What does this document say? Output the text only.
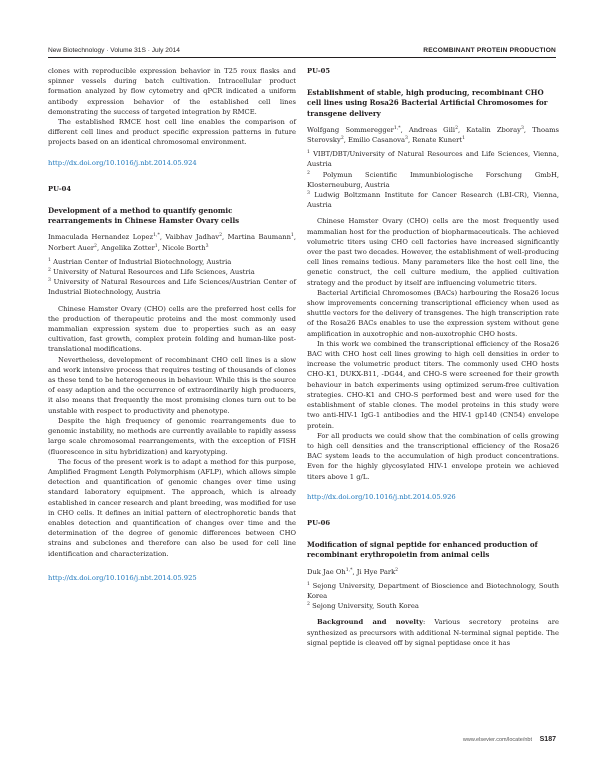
New Biotechnology · Volume 31S · July 2014	RECOMBINANT PROTEIN PRODUCTION

clones with reproducible expression behavior in T25 roux flasks and spinner vessels during batch cultivation. Intracellular product formation analyzed by flow cytometry and qPCR indicated a uniform antibody expression behavior of the established cell lines demonstrating the success of targeted integration by RMCE.

The established RMCE host cell line enables the comparison of different cell lines and product specific expression patterns in future projects based on an identical chromosomal environment.

http://dx.doi.org/10.1016/j.nbt.2014.05.924
PU-04
Development of a method to quantify genomic rearrangements in Chinese Hamster Ovary cells

Inmaculada Hernandez Lopez$^{1,*}$, Vaibhav Jadhav$^2$, Martina Baumann$^1$, Norbert Auer$^2$, Angelika Zotter$^1$, Nicole Borth$^3$

$^1$ Austrian Center of Industrial Biotechnology, Austria

$^2$ University of Natural Resources and Life Sciences, Austria

$^3$ University of Natural Resources and Life Sciences/Austrian Center of Industrial Biotechnology, Austria

Chinese Hamster Ovary (CHO) cells are the preferred host cells for the production of therapeutic proteins and the most commonly used mammalian expression system due to properties such as an easy cultivation, fast growth, complex protein folding and human-like post-translational modifications.

Nevertheless, development of recombinant CHO cell lines is a slow and work intensive process that requires testing of thousands of clones as these tend to be heterogeneous in behaviour. While this is the source of easy adaption and the occurrence of extraordinarily high producers, it also means that frequently the most promising clones turn out to be unstable with respect to productivity and phenotype.

Despite the high frequency of genomic rearrangements due to genomic instability, no methods are currently available to rapidly assess large scale chromosomal rearrangements, with the exception of FISH (fluorescence in situ hybridization) and karyotyping.

The focus of the present work is to adapt a method for this purpose, Amplified Fragment Length Polymorphism (AFLP), which allows simple detection and quantification of genomic changes over time using standard laboratory equipment. The approach, which is already established in cancer research and plant breeding, was modified for use in CHO cells. It defines an initial pattern of electrophoretic bands that enables detection and quantification of changes over time and the determination of the degree of genomic differences between CHO strains and subclones and therefore can also be used for cell line identification and characterization.

http://dx.doi.org/10.1016/j.nbt.2014.05.925
PU-05
Establishment of stable, high producing, recombinant CHO cell lines using Rosa26 Bacterial Artificial Chromosomes for transgene delivery

Wolfgang Sommeregger$^{1,*}$, Andreas Gili$^2$, Katalin Zboray$^3$, Thoams Sterovsky$^2$, Emilio Casanova$^3$, Renate Kunert$^1$

$^1$ VIBT/DBT/University of Natural Resources and Life Sciences, Vienna, Austria

$^2$ Polymun Scientific Immunbiologische Forschung GmbH, Klosterneuburg, Austria

$^3$ Ludwig Boltzmann Institute for Cancer Research (LBI-CR), Vienna, Austria

Chinese Hamster Ovary (CHO) cells are the most frequently used mammalian host for the production of biopharmaceuticals. The achieved volumetric titers using CHO cell factories have increased significantly over the past two decades. However, the establishment of well-producing cell lines remains tedious. Many parameters like the host cell line, the genetic construct, the cell culture medium, the applied cultivation strategy and the product by itself are influencing volumetric titers.

Bacterial Artificial Chromosomes (BACs) harbouring the Rosa26 locus show improvements concerning transcriptional efficiency when used as shuttle vectors for the delivery of transgenes. The high transcription rate of the Rosa26 BACs enables to use the expression system without gene amplification in auxotrophic and non-auxotrophic CHO hosts.

In this work we combined the transcriptional efficiency of the Rosa26 BAC with CHO host cell lines growing to high cell densities in order to increase the volumetric product titers. The commonly used CHO hosts CHO-K1, DUKX-B11, -DG44, and CHO-S were screened for their growth behaviour in batch experiments using optimized serum-free cultivation strategies. CHO-K1 and CHO-S performed best and were used for the establishment of stable clones. The model proteins in this study were two anti-HIV-1 IgG-1 antibodies and the HIV-1 gp140 (CN54) envelope protein.

For all products we could show that the combination of cells growing to high cell densities and the transcriptional efficiency of the Rosa26 BAC system leads to the accumulation of high product concentrations. Even for the highly glycosylated HIV-1 envelope protein we achieved titers above 1 g/L.

http://dx.doi.org/10.1016/j.nbt.2014.05.926
PU-06
Modification of signal peptide for enhanced production of recombinant erythropoietin from animal cells

Duk Jae $Oh^{1,*}$, Ji Hye Park$^2$

$^1$ Sejong University, Department of Bioscience and Biotechnology, South Korea

$^2$ Sejong University, South Korea

Background and novelty: Various secretory proteins are synthesized as precursors with additional N-terminal signal peptide. The signal peptide is cleaved off by signal peptidase once it has

www.elsevier.com/locate/nbt S187
